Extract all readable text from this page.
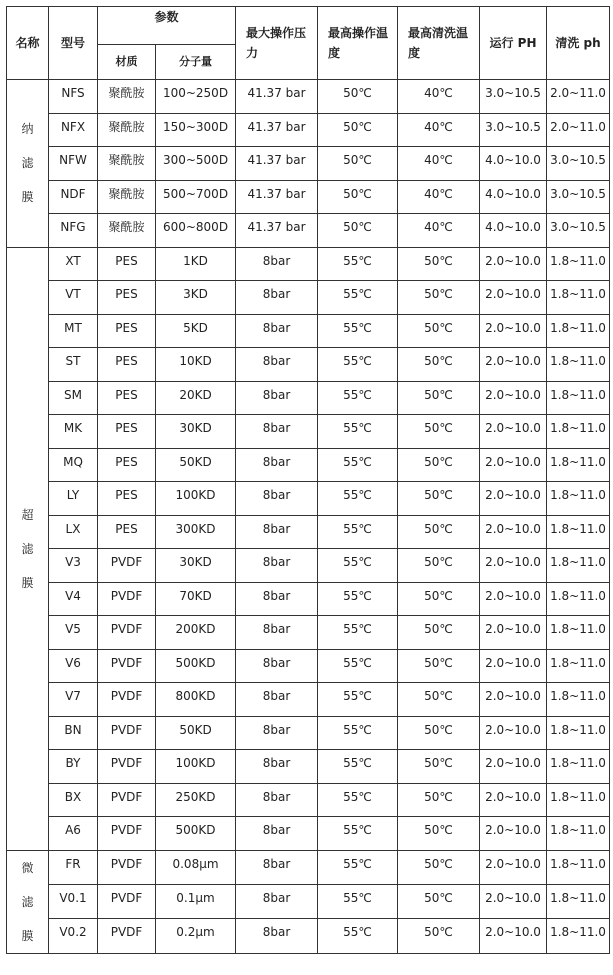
名称	型号	参数		最大操作压力	最高操作温度	最高清洗温度	运行 PH	清洗 ph
		材质	分子量					

纳
滤
膜	NFS	聚酰胺	100~250D	41.37 bar	50℃	40℃	3.0~10.5	2.0~11.0
	NFX	聚酰胺	150~300D	41.37 bar	50℃	40℃	3.0~10.5	2.0~11.0
	NFW	聚酰胺	300~500D	41.37 bar	50℃	40℃	4.0~10.0	3.0~10.5
	NDF	聚酰胺	500~700D	41.37 bar	50℃	40℃	4.0~10.0	3.0~10.5
	NFG	聚酰胺	600~800D	41.37 bar	50℃	40℃	4.0~10.0	3.0~10.5

超
滤
膜	XT	PES	1KD	8bar	55℃	50℃	2.0~10.0	1.8~11.0
	VT	PES	3KD	8bar	55℃	50℃	2.0~10.0	1.8~11.0
	MT	PES	5KD	8bar	55℃	50℃	2.0~10.0	1.8~11.0
	ST	PES	10KD	8bar	55℃	50℃	2.0~10.0	1.8~11.0
	SM	PES	20KD	8bar	55℃	50℃	2.0~10.0	1.8~11.0
	MK	PES	30KD	8bar	55℃	50℃	2.0~10.0	1.8~11.0
	MQ	PES	50KD	8bar	55℃	50℃	2.0~10.0	1.8~11.0
	LY	PES	100KD	8bar	55℃	50℃	2.0~10.0	1.8~11.0
	LX	PES	300KD	8bar	55℃	50℃	2.0~10.0	1.8~11.0
	V3	PVDF	30KD	8bar	55℃	50℃	2.0~10.0	1.8~11.0
	V4	PVDF	70KD	8bar	55℃	50℃	2.0~10.0	1.8~11.0
	V5	PVDF	200KD	8bar	55℃	50℃	2.0~10.0	1.8~11.0
	V6	PVDF	500KD	8bar	55℃	50℃	2.0~10.0	1.8~11.0
	V7	PVDF	800KD	8bar	55℃	50℃	2.0~10.0	1.8~11.0
	BN	PVDF	50KD	8bar	55℃	50℃	2.0~10.0	1.8~11.0
	BY	PVDF	100KD	8bar	55℃	50℃	2.0~10.0	1.8~11.0
	BX	PVDF	250KD	8bar	55℃	50℃	2.0~10.0	1.8~11.0
	A6	PVDF	500KD	8bar	55℃	50℃	2.0~10.0	1.8~11.0

微
滤
膜	FR	PVDF	0.08μm	8bar	55℃	50℃	2.0~10.0	1.8~11.0
	V0.1	PVDF	0.1μm	8bar	55℃	50℃	2.0~10.0	1.8~11.0
	V0.2	PVDF	0.2μm	8bar	55℃	50℃	2.0~10.0	1.8~11.0
